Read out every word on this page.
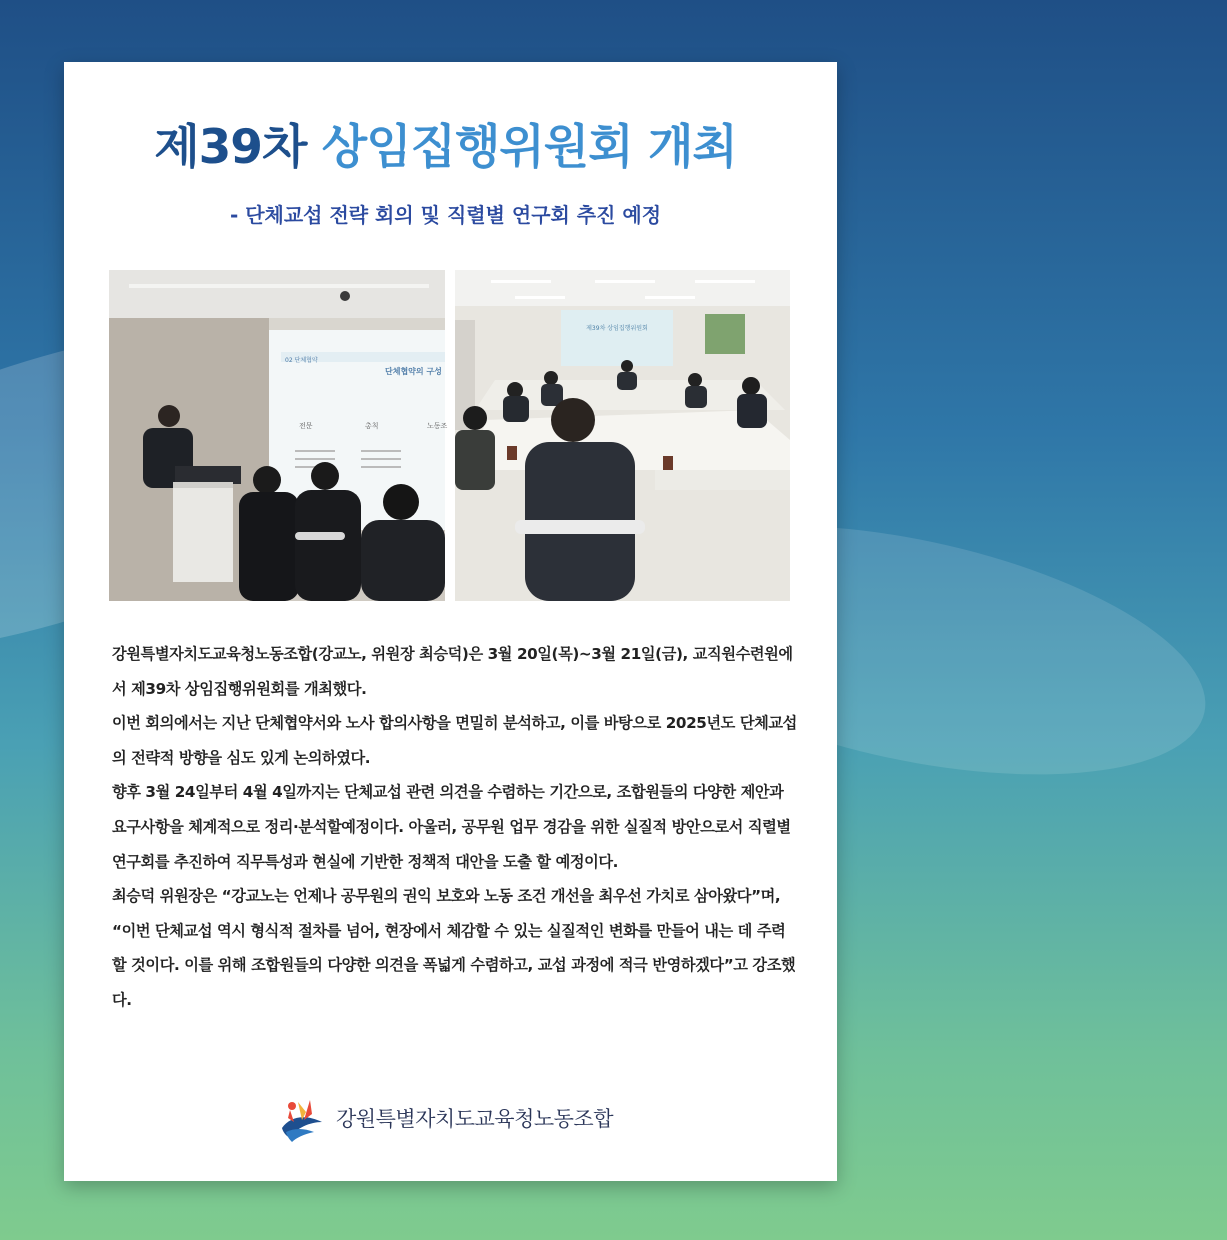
제39차 상임집행위원회 개최
- 단체교섭 전략 회의 및 직렬별 연구회 추진 예정
02 단체협약
단체협약의 구성
전문	총칙	노동조
제39차 상임집행위원회

강원특별자치도교육청노동조합(강교노, 위원장 최승덕)은 3월 20일(목)~3월 21일(금), 교직원수련원에서 제39차 상임집행위원회를 개최했다.

이번 회의에서는 지난 단체협약서와 노사 합의사항을 면밀히 분석하고, 이를 바탕으로 2025년도 단체교섭의 전략적 방향을 심도 있게 논의하였다.

향후 3월 24일부터 4월 4일까지는 단체교섭 관련 의견을 수렴하는 기간으로, 조합원들의 다양한 제안과 요구사항을 체계적으로 정리·분석할예정이다. 아울러, 공무원 업무 경감을 위한 실질적 방안으로서 직렬별 연구회를 추진하여 직무특성과 현실에 기반한 정책적 대안을 도출 할 예정이다.

최승덕 위원장은 “강교노는 언제나 공무원의 권익 보호와 노동 조건 개선을 최우선 가치로 삼아왔다”며, “이번 단체교섭 역시 형식적 절차를 넘어, 현장에서 체감할 수 있는 실질적인 변화를 만들어 내는 데 주력할 것이다. 이를 위해 조합원들의 다양한 의견을 폭넓게 수렴하고, 교섭 과정에 적극 반영하겠다”고 강조했다.

강원특별자치도교육청노동조합
